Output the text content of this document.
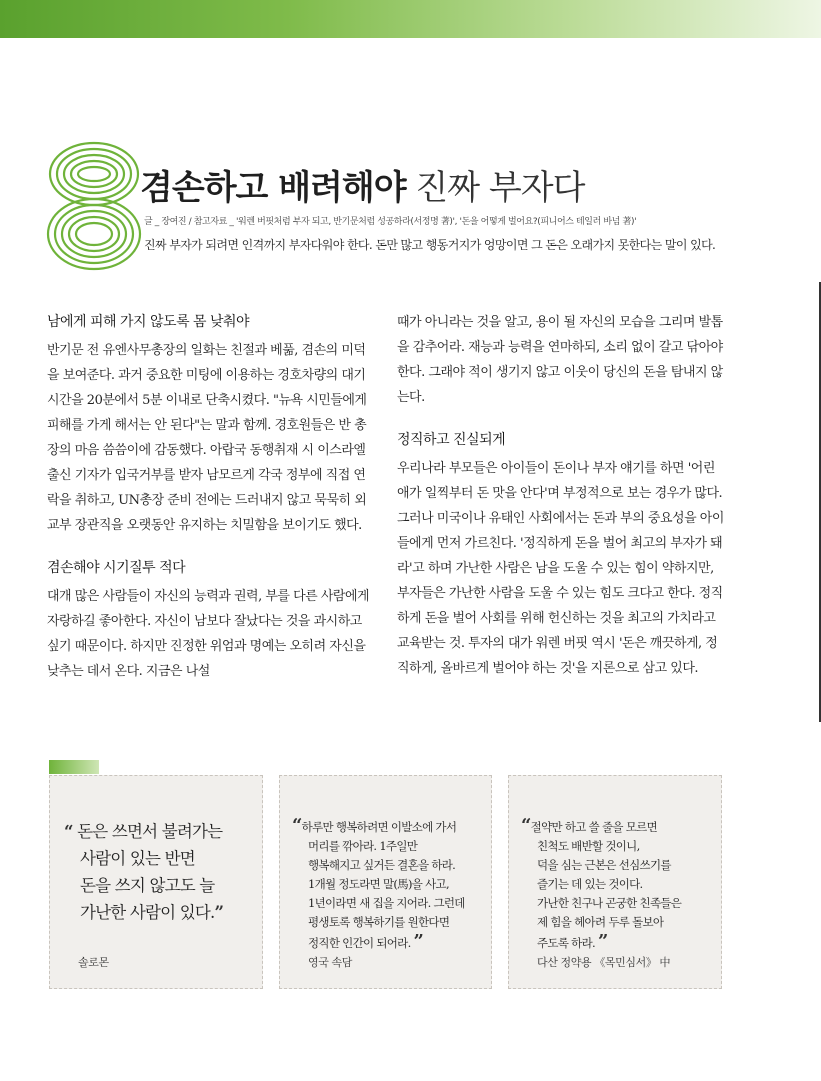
8
겸손하고 배려해야 진짜 부자다
글 _ 장여진 / 참고자료 _ '워렌 버핏처럼 부자 되고, 반기문처럼 성공하라(서정명 著)', '돈을 어떻게 벌어요?(피니어스 테일러 바넘 著)'
진짜 부자가 되려면 인격까지 부자다워야 한다. 돈만 많고 행동거지가 엉망이면 그 돈은 오래가지 못한다는 말이 있다.
남에게 피해 가지 않도록 몸 낮춰야

반기문 전 유엔사무총장의 일화는 친절과 베풂, 겸손의 미덕을 보여준다. 과거 중요한 미팅에 이용하는 경호차량의 대기시간을 20분에서 5분 이내로 단축시켰다. "뉴욕 시민들에게 피해를 가게 해서는 안 된다"는 말과 함께. 경호원들은 반 총장의 마음 씀씀이에 감동했다. 아랍국 동행취재 시 이스라엘 출신 기자가 입국거부를 받자 남모르게 각국 정부에 직접 연락을 취하고, UN총장 준비 전에는 드러내지 않고 묵묵히 외교부 장관직을 오랫동안 유지하는 치밀함을 보이기도 했다.

겸손해야 시기질투 적다

대개 많은 사람들이 자신의 능력과 권력, 부를 다른 사람에게 자랑하길 좋아한다. 자신이 남보다 잘났다는 것을 과시하고 싶기 때문이다. 하지만 진정한 위엄과 명예는 오히려 자신을 낮추는 데서 온다. 지금은 나설

때가 아니라는 것을 알고, 용이 될 자신의 모습을 그리며 발톱을 감추어라. 재능과 능력을 연마하되, 소리 없이 갈고 닦아야 한다. 그래야 적이 생기지 않고 이웃이 당신의 돈을 탐내지 않는다.

정직하고 진실되게

우리나라 부모들은 아이들이 돈이나 부자 얘기를 하면 '어린 애가 일찍부터 돈 맛을 안다'며 부정적으로 보는 경우가 많다. 그러나 미국이나 유태인 사회에서는 돈과 부의 중요성을 아이들에게 먼저 가르친다. '정직하게 돈을 벌어 최고의 부자가 돼라'고 하며 가난한 사람은 남을 도울 수 있는 힘이 약하지만, 부자들은 가난한 사람을 도울 수 있는 힘도 크다고 한다. 정직하게 돈을 벌어 사회를 위해 헌신하는 것을 최고의 가치라고 교육받는 것. 투자의 대가 워렌 버핏 역시 '돈은 깨끗하게, 정직하게, 올바르게 벌어야 하는 것'을 지론으로 삼고 있다.

“ 돈은 쓰면서 불려가는
사람이 있는 반면
돈을 쓰지 않고도 늘
가난한 사람이 있다.”
솔로몬
“하루만 행복하려면 이발소에 가서
머리를 깎아라. 1주일만
행복해지고 싶거든 결혼을 하라.
1개월 정도라면 말(馬)을 사고,
1년이라면 새 집을 지어라. 그런데
평생토록 행복하기를 원한다면
정직한 인간이 되어라. ”
영국 속담
“절약만 하고 쓸 줄을 모르면
친척도 배반할 것이니,
덕을 심는 근본은 선심쓰기를
즐기는 데 있는 것이다.
가난한 친구나 곤궁한 친족들은
제 힘을 헤아려 두루 돌보아
주도록 하라. ”
다산 정약용 《목민심서》 中
